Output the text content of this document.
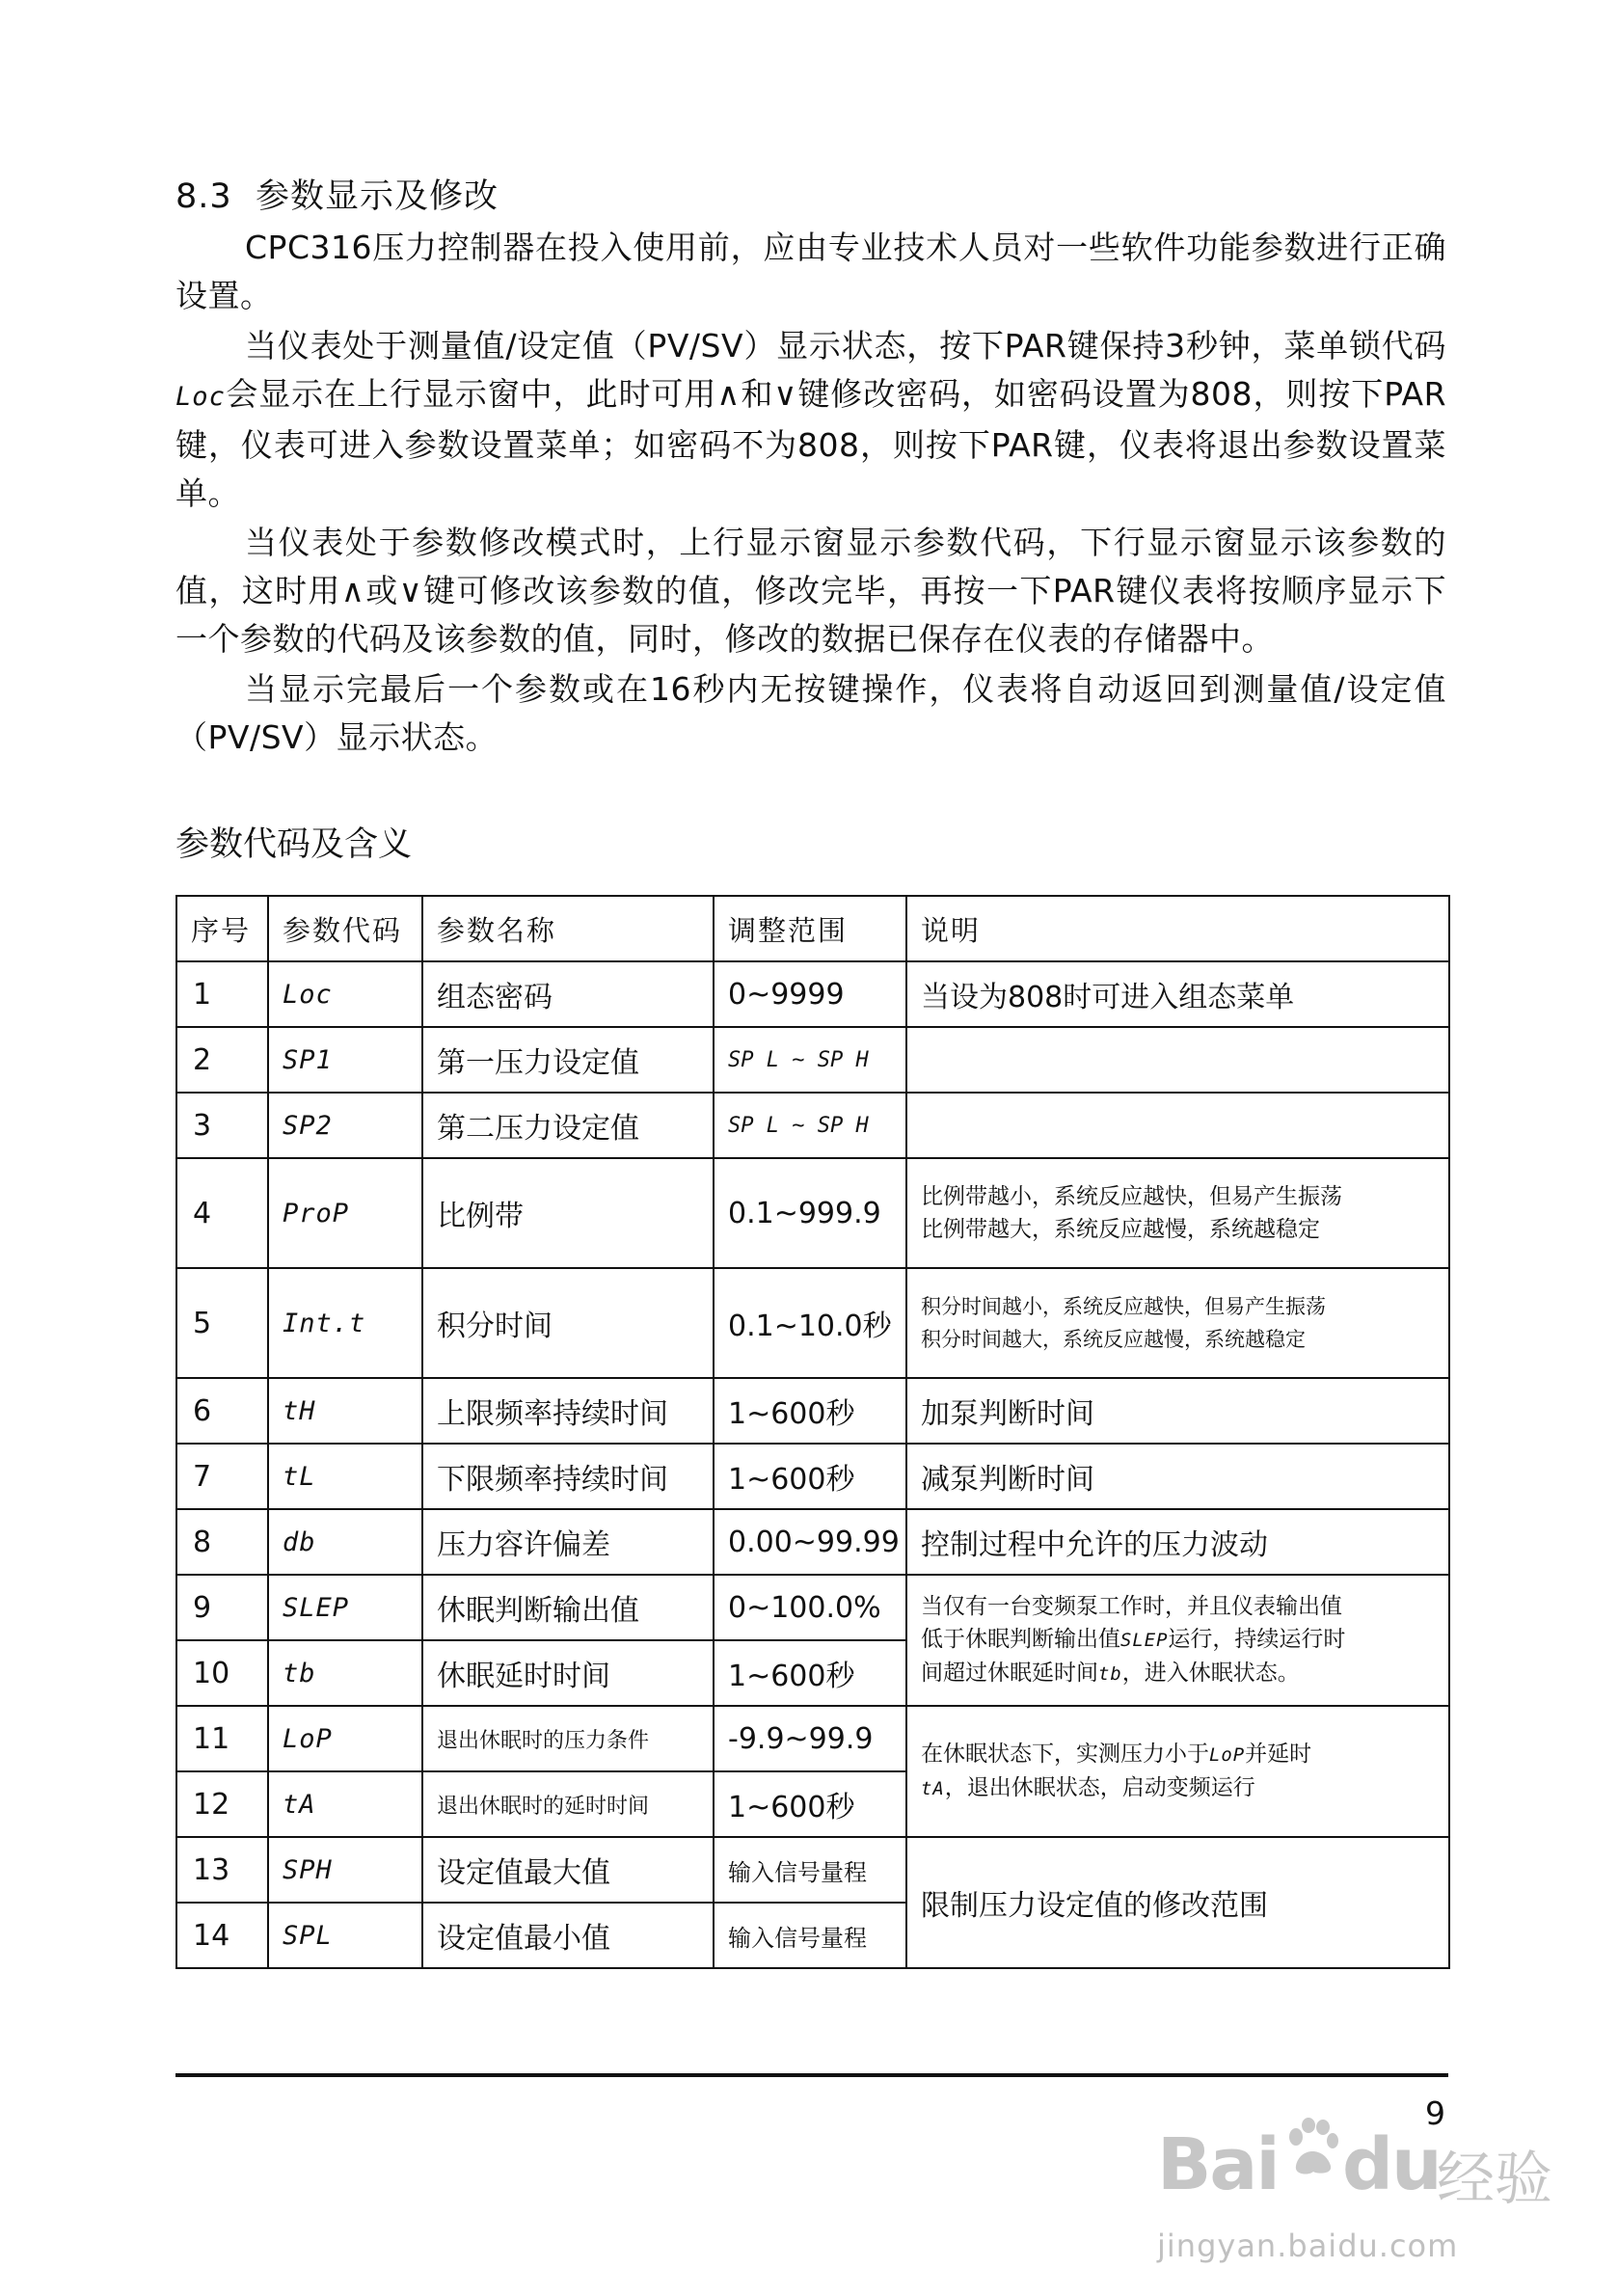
8.3 参数显示及修改

CPC316压力控制器在投入使用前，应由专业技术人员对一些软件功能参数进行正确设置。

当仪表处于测量值/设定值（PV/SV）显示状态，按下PAR键保持3秒钟，菜单锁代码Loc会显示在上行显示窗中，此时可用∧和∨键修改密码，如密码设置为808，则按下PAR键，仪表可进入参数设置菜单；如密码不为808，则按下PAR键，仪表将退出参数设置菜单。

当仪表处于参数修改模式时，上行显示窗显示参数代码，下行显示窗显示该参数的值，这时用∧或∨键可修改该参数的值，修改完毕，再按一下PAR键仪表将按顺序显示下一个参数的代码及该参数的值，同时，修改的数据已保存在仪表的存储器中。

当显示完最后一个参数或在16秒内无按键操作，仪表将自动返回到测量值/设定值（PV/SV）显示状态。

参数代码及含义
序号	参数代码	参数名称	调整范围	说明
1	Loc	组态密码	0~9999	当设为808时可进入组态菜单
2	SP1	第一压力设定值	SP L ~ SP H	
3	SP2	第二压力设定值	SP L ~ SP H	
4	ProP	比例带	0.1~999.9	比例带越小，系统反应越快，但易产生振荡
比例带越大，系统反应越慢，系统越稳定

5	Int.t	积分时间	0.1~10.0秒	积分时间越小，系统反应越快，但易产生振荡
积分时间越大，系统反应越慢，系统越稳定

6	tH	上限频率持续时间	1~600秒	加泵判断时间
7	tL	下限频率持续时间	1~600秒	减泵判断时间
8	db	压力容许偏差	0.00~99.99	控制过程中允许的压力波动
9	SLEP	休眠判断输出值	0~100.0%	当仅有一台变频泵工作时，并且仪表输出值
低于休眠判断输出值SLEP运行，持续运行时
间超过休眠延时间tb，进入休眠状态。

10	tb	休眠延时时间	1~600秒	
11	LoP	退出休眠时的压力条件	-9.9~99.9	在休眠状态下，实测压力小于LoP并延时
tA，退出休眠状态，启动变频运行

12	tA	退出休眠时的延时时间	1~600秒	
13	SPH	设定值最大值	输入信号量程	限制压力设定值的修改范围
14	SPL	设定值最小值	输入信号量程	
9
Bai du
经验
jingyan.baidu.com
